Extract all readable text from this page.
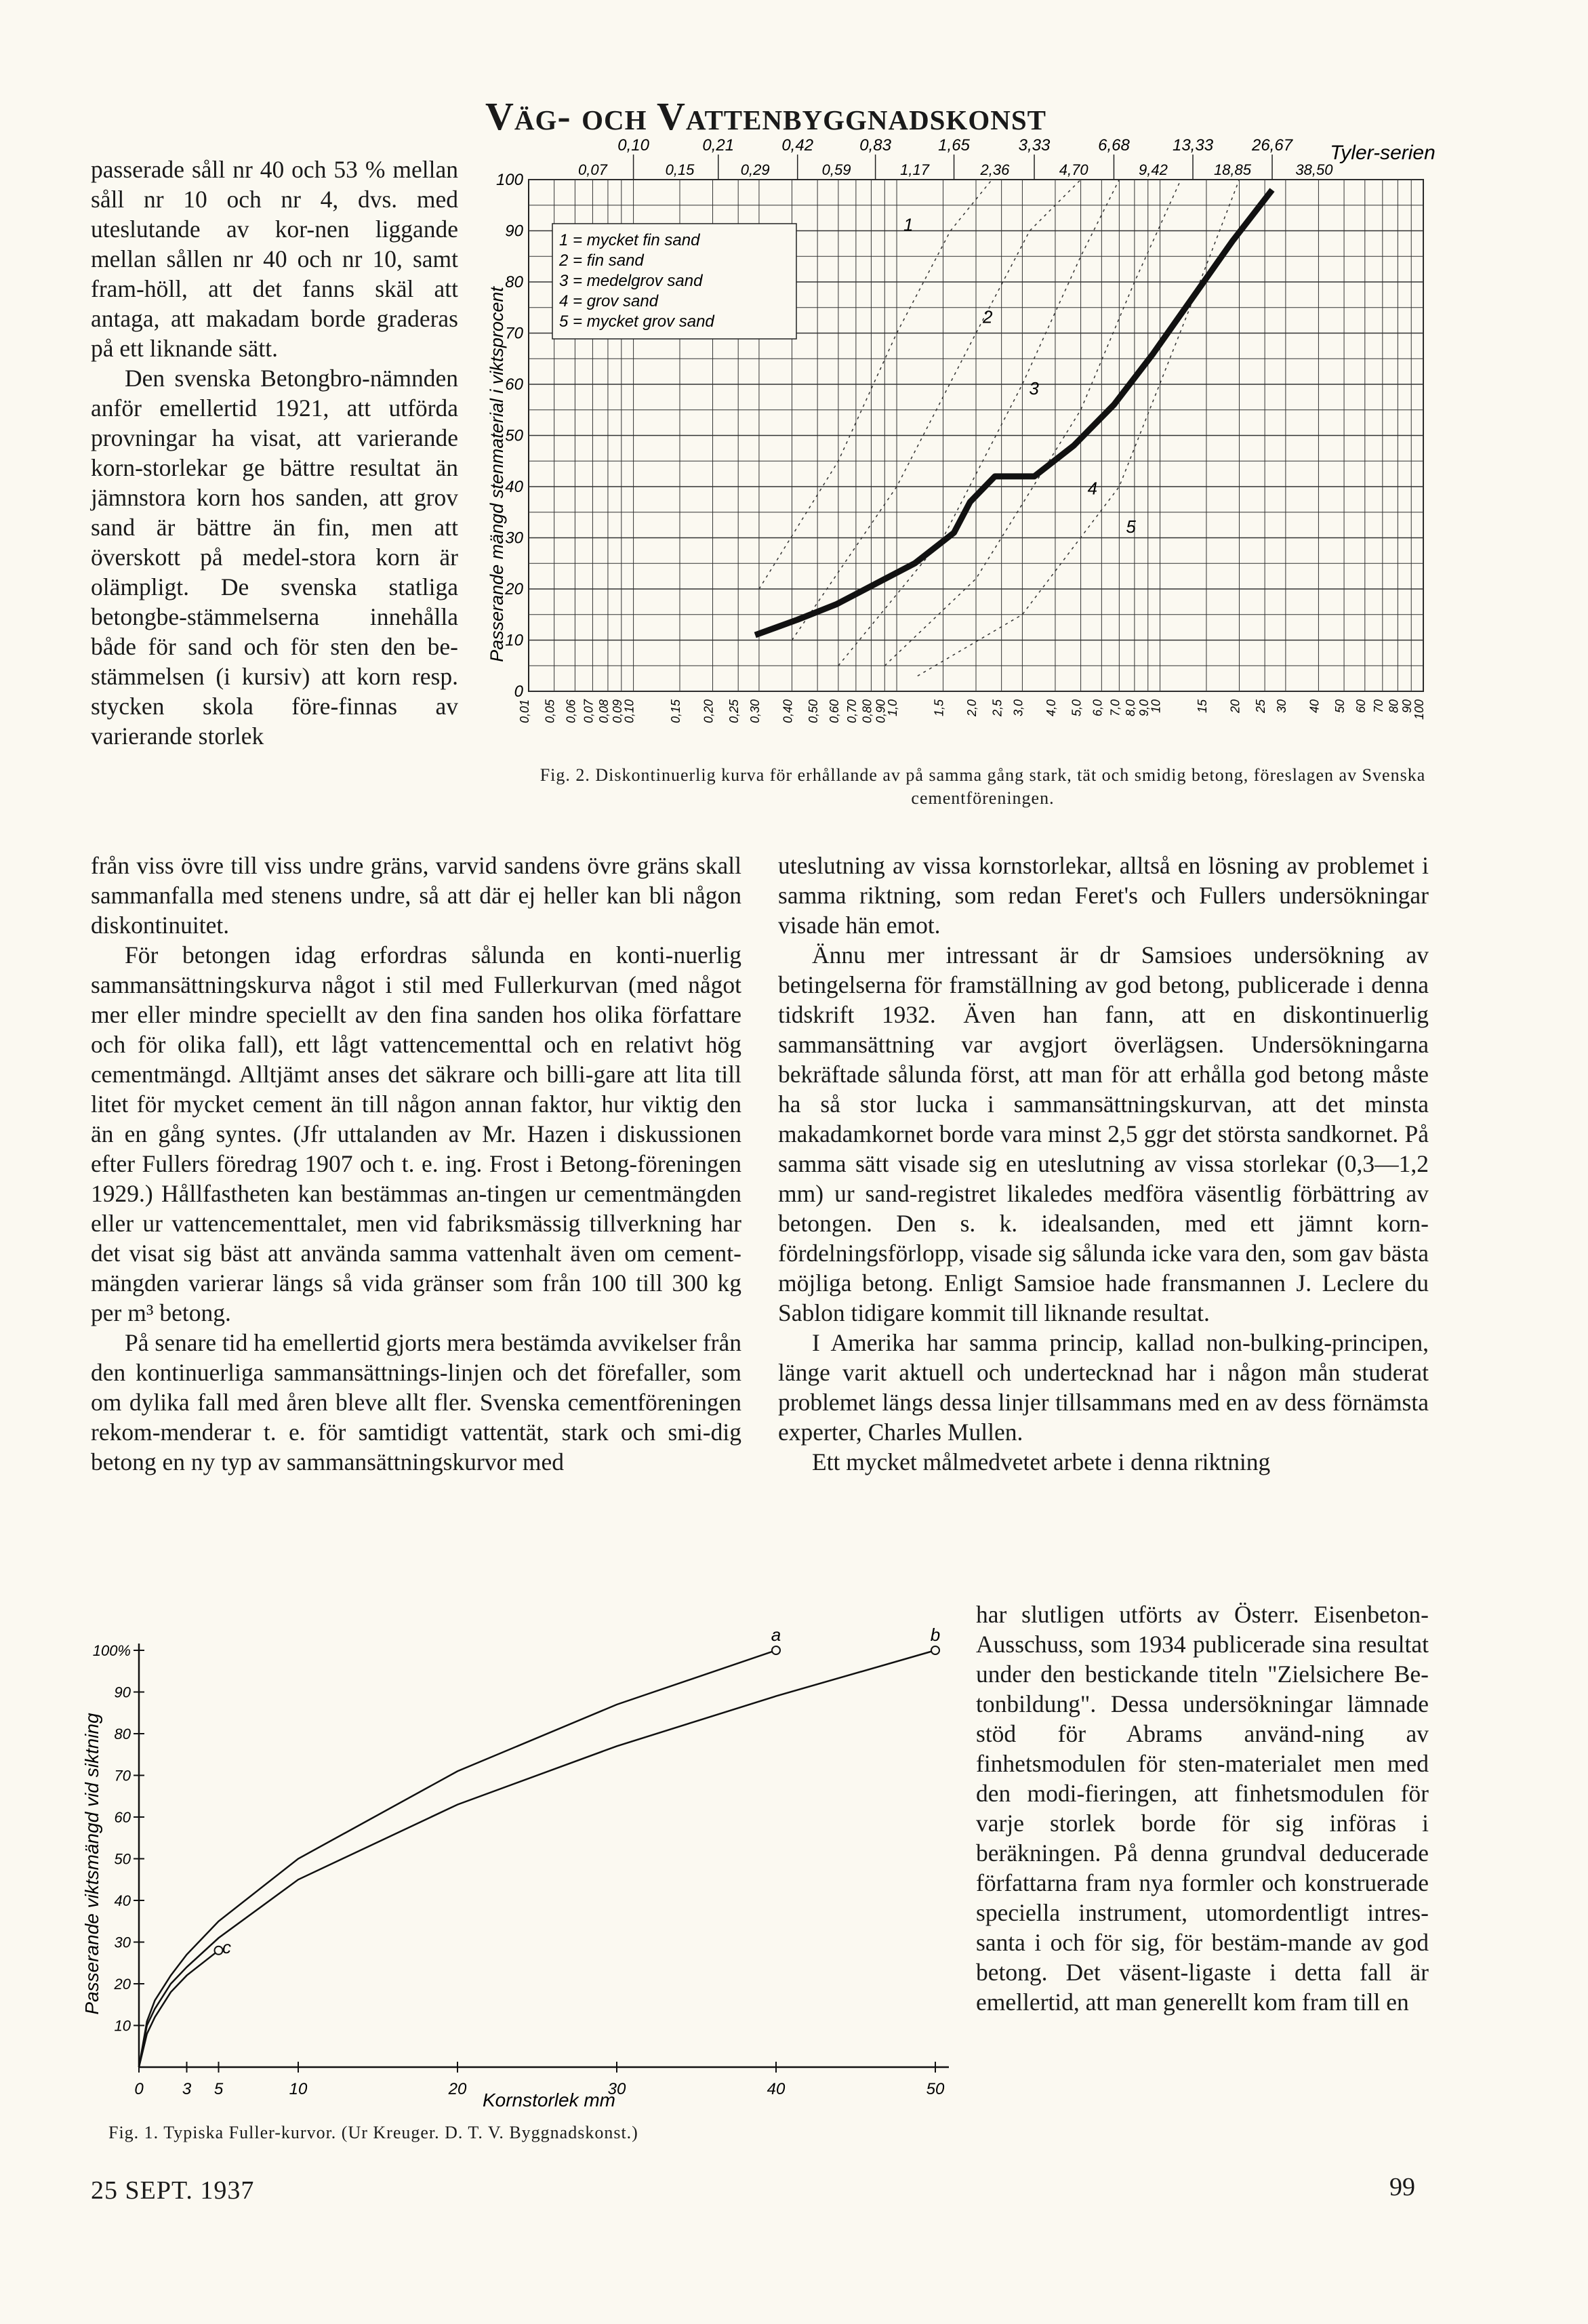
Väg- och Vattenbyggnadskonst

passerade såll nr 40 och 53 % mellan såll nr 10 och nr 4, dvs. med uteslutande av kor-nen liggande mellan sållen nr 40 och nr 10, samt fram-höll, att det fanns skäl att antaga, att makadam borde graderas på ett liknande sätt.

Den svenska Betongbro-nämnden anför emellertid 1921, att utförda provningar ha visat, att varierande korn-storlekar ge bättre resultat än jämnstora korn hos sanden, att grov sand är bättre än fin, men att överskott på medel-stora korn är olämpligt. De svenska statliga betongbe-stämmelserna innehålla både för sand och för sten den be-stämmelsen (i kursiv) att korn resp. stycken skola före-finnas av varierande storlek

0,10	0,21	0,42	0,83	1,65	3,33	6,68	13,33 26,67
0,07	0,15	0,29	0,59	1,17	2,36	4,70	9,42	18,85	38,50
100
90
80
70
60
50
40
30
20
10
0
0,01 0,05 0,06 0,07 0,08 0,09
0,10	0,15 0,20 0,25 0,30 0,40 0,50 0,60 0,70 0,80 0,90
1,0	1,5 2,0 2,5 3,0 4,0 5,0 6,0 7,0 8,0 9,0
10	15 20 25 30 40 50 60 70 80 90
100
1
2
3
4
5
1 = mycket fin sand
2 = fin sand
3 = medelgrov sand
4 = grov sand
5 = mycket grov sand
Tyler-serien
Passerande mängd stenmaterial i viktsprocent
Fig. 2. Diskontinuerlig kurva för erhållande av på samma gång stark, tät och smidig betong, föreslagen av Svenska cementföreningen.

från viss övre till viss undre gräns, varvid sandens övre gräns skall sammanfalla med stenens undre, så att där ej heller kan bli någon diskontinuitet.

För betongen idag erfordras sålunda en konti-nuerlig sammansättningskurva något i stil med Fullerkurvan (med något mer eller mindre speciellt av den fina sanden hos olika författare och för olika fall), ett lågt vattencementtal och en relativt hög cementmängd. Alltjämt anses det säkrare och billi-gare att lita till litet för mycket cement än till någon annan faktor, hur viktig den än en gång syntes. (Jfr uttalanden av Mr. Hazen i diskussionen efter Fullers föredrag 1907 och t. e. ing. Frost i Betong-föreningen 1929.) Hållfastheten kan bestämmas an-tingen ur cementmängden eller ur vattencementtalet, men vid fabriksmässig tillverkning har det visat sig bäst att använda samma vattenhalt även om cement-mängden varierar längs så vida gränser som från 100 till 300 kg per m³ betong.

På senare tid ha emellertid gjorts mera bestämda avvikelser från den kontinuerliga sammansättnings-linjen och det förefaller, som om dylika fall med åren bleve allt fler. Svenska cementföreningen rekom-menderar t. e. för samtidigt vattentät, stark och smi-dig betong en ny typ av sammansättningskurvor med

uteslutning av vissa kornstorlekar, alltså en lösning av problemet i samma riktning, som redan Feret's och Fullers undersökningar visade hän emot.

Ännu mer intressant är dr Samsioes undersökning av betingelserna för framställning av god betong, publicerade i denna tidskrift 1932. Även han fann, att en diskontinuerlig sammansättning var avgjort överlägsen. Undersökningarna bekräftade sålunda först, att man för att erhålla god betong måste ha så stor lucka i sammansättningskurvan, att det minsta makadamkornet borde vara minst 2,5 ggr det största sandkornet. På samma sätt visade sig en uteslutning av vissa storlekar (0,3—1,2 mm) ur sand-registret likaledes medföra väsentlig förbättring av betongen. Den s. k. idealsanden, med ett jämnt korn-fördelningsförlopp, visade sig sålunda icke vara den, som gav bästa möjliga betong. Enligt Samsioe hade fransmannen J. Leclere du Sablon tidigare kommit till liknande resultat.

I Amerika har samma princip, kallad non-bulking-principen, länge varit aktuell och undertecknad har i någon mån studerat problemet längs dessa linjer tillsammans med en av dess förnämsta experter, Charles Mullen.

Ett mycket målmedvetet arbete i denna riktning

100%
90
80
70
60
50
40
30
20
10
0 3 5	10	20	30	40	50
a	b
c
Passerande viktsmängd vid siktning
Kornstorlek mm
Fig. 1. Typiska Fuller-kurvor. (Ur Kreuger. D. T. V. Byggnadskonst.)

har slutligen utförts av Österr. Eisenbeton-Ausschuss, som 1934 publicerade sina resultat under den bestickande titeln "Zielsichere Be-tonbildung". Dessa undersökningar lämnade stöd för Abrams använd-ning av finhetsmodulen för sten-materialet men med den modi-fieringen, att finhetsmodulen för varje storlek borde för sig införas i beräkningen. På denna grundval deducerade författarna fram nya formler och konstruerade speciella instrument, utomordentligt intres-santa i och för sig, för bestäm-mande av god betong. Det väsent-ligaste i detta fall är emellertid, att man generellt kom fram till en

25 SEPT. 1937	99
